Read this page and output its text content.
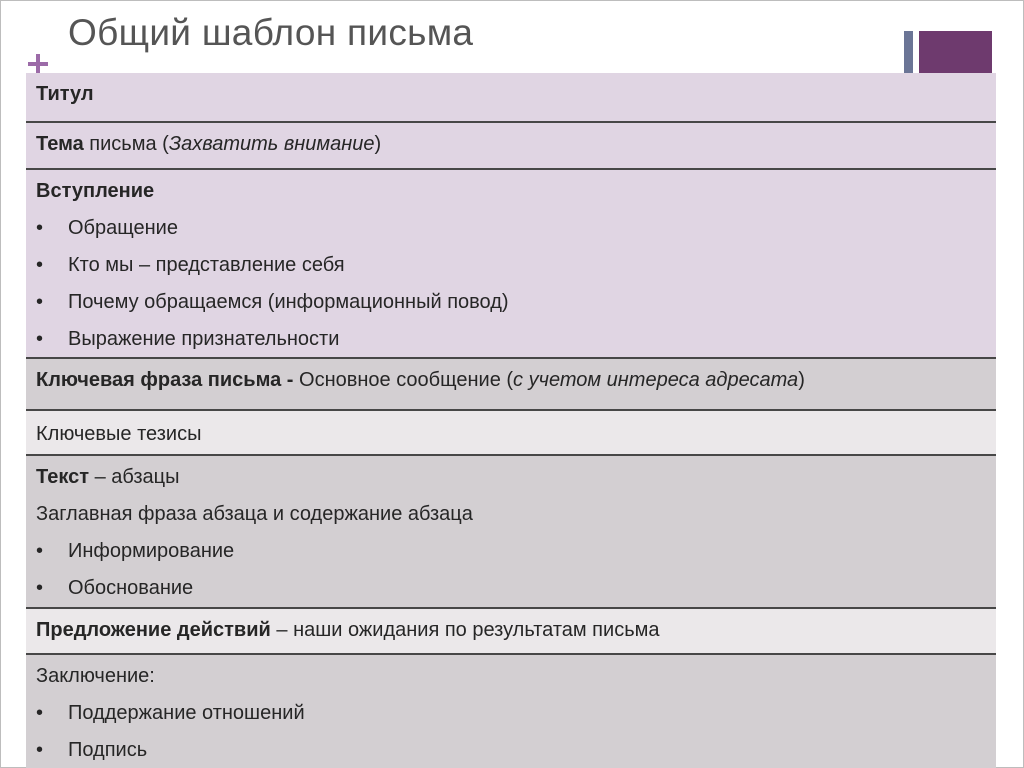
Общий шаблон письма
Титул
Тема письма (Захватить внимание)
Вступление
• Обращение
• Кто мы – представление себя
• Почему обращаемся (информационный повод)
• Выражение признательности
Ключевая фраза письма - Основное сообщение (с учетом интереса адресата)
Ключевые тезисы
Текст – абзацы
Заглавная фраза абзаца и содержание абзаца
• Информирование
• Обоснование
Предложение действий – наши ожидания по результатам письма
Заключение:
• Поддержание отношений
• Подпись
